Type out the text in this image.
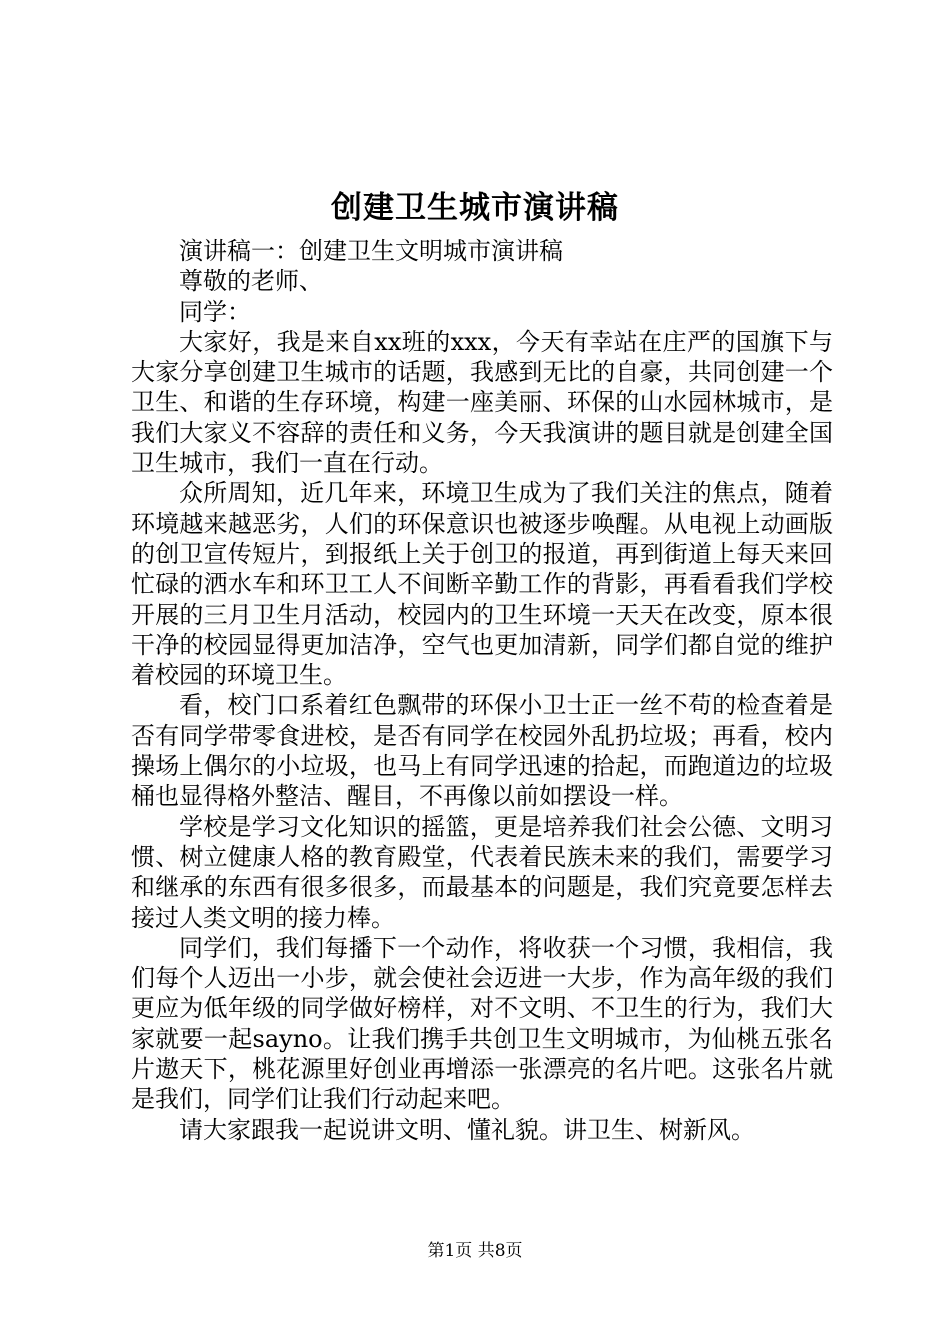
创建卫生城市演讲稿

演讲稿一：创建卫生文明城市演讲稿

尊敬的老师、

同学：

大家好，我是来自xx班的xxx，今天有幸站在庄严的国旗下与大家分享创建卫生城市的话题，我感到无比的自豪，共同创建一个卫生、和谐的生存环境，构建一座美丽、环保的山水园林城市，是我们大家义不容辞的责任和义务，今天我演讲的题目就是创建全国卫生城市，我们一直在行动。

众所周知，近几年来，环境卫生成为了我们关注的焦点，随着环境越来越恶劣，人们的环保意识也被逐步唤醒。从电视上动画版的创卫宣传短片，到报纸上关于创卫的报道，再到街道上每天来回忙碌的洒水车和环卫工人不间断辛勤工作的背影，再看看我们学校开展的三月卫生月活动，校园内的卫生环境一天天在改变，原本很干净的校园显得更加洁净，空气也更加清新，同学们都自觉的维护着校园的环境卫生。

看，校门口系着红色飘带的环保小卫士正一丝不苟的检查着是否有同学带零食进校，是否有同学在校园外乱扔垃圾；再看，校内操场上偶尔的小垃圾，也马上有同学迅速的拾起，而跑道边的垃圾桶也显得格外整洁、醒目，不再像以前如摆设一样。

学校是学习文化知识的摇篮，更是培养我们社会公德、文明习惯、树立健康人格的教育殿堂，代表着民族未来的我们，需要学习和继承的东西有很多很多，而最基本的问题是，我们究竟要怎样去接过人类文明的接力棒。

同学们，我们每播下一个动作，将收获一个习惯，我相信，我们每个人迈出一小步，就会使社会迈进一大步，作为高年级的我们更应为低年级的同学做好榜样，对不文明、不卫生的行为，我们大家就要一起sayno。让我们携手共创卫生文明城市，为仙桃五张名片遨天下，桃花源里好创业再增添一张漂亮的名片吧。这张名片就是我们，同学们让我们行动起来吧。

请大家跟我一起说讲文明、懂礼貌。讲卫生、树新风。

第1页 共8页
